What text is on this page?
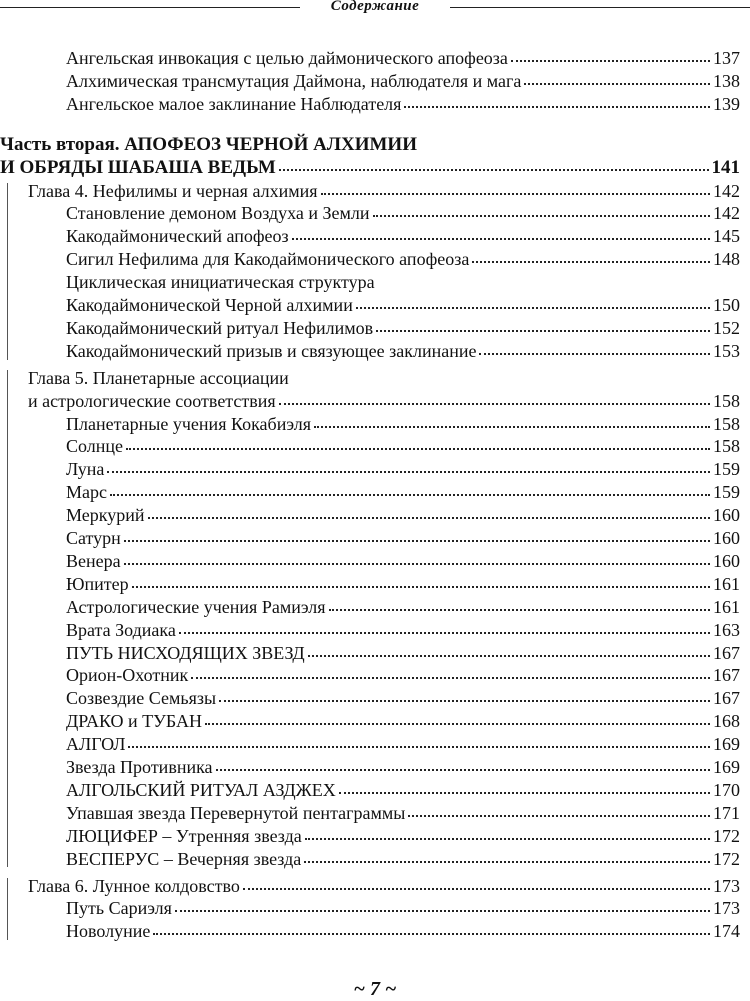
Содержание
~ 7 ~
Ангельская инвокация с целью даймонического апофеоза	137
Алхимическая трансмутация Даймона, наблюдателя и мага	138
Ангельское малое заклинание Наблюдателя	139
Часть вторая. АПОФЕОЗ ЧЕРНОЙ АЛХИМИИ
И ОБРЯДЫ ШАБАША ВЕДЬМ	141
Глава 4. Нефилимы и черная алхимия	142
Становление демоном Воздуха и Земли	142
Какодаймонический апофеоз	145
Сигил Нефилима для Какодаймонического апофеоза	148
Циклическая инициатическая структура
Какодаймонической Черной алхимии	150
Какодаймонический ритуал Нефилимов	152
Какодаймонический призыв и связующее заклинание	153
Глава 5. Планетарные ассоциации
и астрологические соответствия	158
Планетарные учения Кокабиэля	158
Солнце	158
Луна	159
Марс	159
Меркурий	160
Сатурн	160
Венера	160
Юпитер	161
Астрологические учения Рамиэля	161
Врата Зодиака	163
ПУТЬ НИСХОДЯЩИХ ЗВЕЗД	167
Орион-Охотник	167
Созвездие Семьязы	167
ДРАКО и ТУБАН	168
АЛГОЛ	169
Звезда Противника	169
АЛГОЛЬСКИЙ РИТУАЛ АЗДЖЕХ	170
Упавшая звезда Перевернутой пентаграммы	171
ЛЮЦИФЕР – Утренняя звезда	172
ВЕСПЕРУС – Вечерняя звезда	172
Глава 6. Лунное колдовство	173
Путь Сариэля	173
Новолуние	174
